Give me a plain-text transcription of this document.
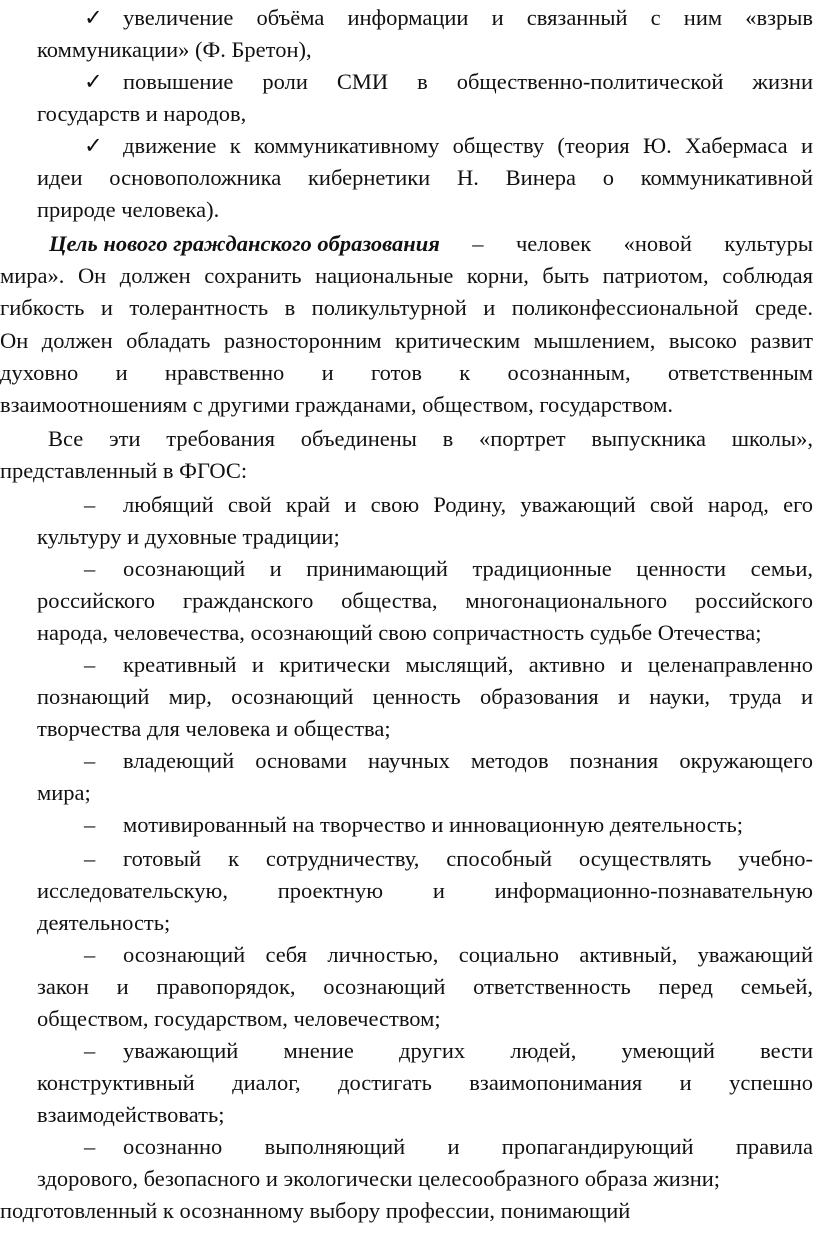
✓ увеличение объёма информации и связанный с ним «взрыв
коммуникации» (Ф. Бретон),
✓ повышение роли СМИ в общественно-политической жизни
государств и народов,
✓ движение к коммуникативному обществу (теория Ю. Хабермаса и
идеи основоположника кибернетики Н. Винера о коммуникативной
природе человека).
Цель нового гражданского образования – человек «новой культуры
мира». Он должен сохранить национальные корни, быть патриотом, соблюдая
гибкость и толерантность в поликультурной и поликонфессиональной среде.
Он должен обладать разносторонним критическим мышлением, высоко развит
духовно и нравственно и готов к осознанным, ответственным
взаимоотношениям с другими гражданами, обществом, государством.
Все эти требования объединены в «портрет выпускника школы»,
представленный в ФГОС:
– любящий свой край и свою Родину, уважающий свой народ, его
культуру и духовные традиции;
– осознающий и принимающий традиционные ценности семьи,
российского гражданского общества, многонационального российского
народа, человечества, осознающий свою сопричастность судьбе Отечества;
– креативный и критически мыслящий, активно и целенаправленно
познающий мир, осознающий ценность образования и науки, труда и
творчества для человека и общества;
– владеющий основами научных методов познания окружающего
мира;
– мотивированный на творчество и инновационную деятельность;
– готовый к сотрудничеству, способный осуществлять учебно-
исследовательскую, проектную и информационно-познавательную
деятельность;
– осознающий себя личностью, социально активный, уважающий
закон и правопорядок, осознающий ответственность перед семьей,
обществом, государством, человечеством;
– уважающий мнение других людей, умеющий вести
конструктивный диалог, достигать взаимопонимания и успешно
взаимодействовать;
– осознанно выполняющий и пропагандирующий правила
здорового, безопасного и экологически целесообразного образа жизни;
подготовленный к осознанному выбору профессии, понимающий
